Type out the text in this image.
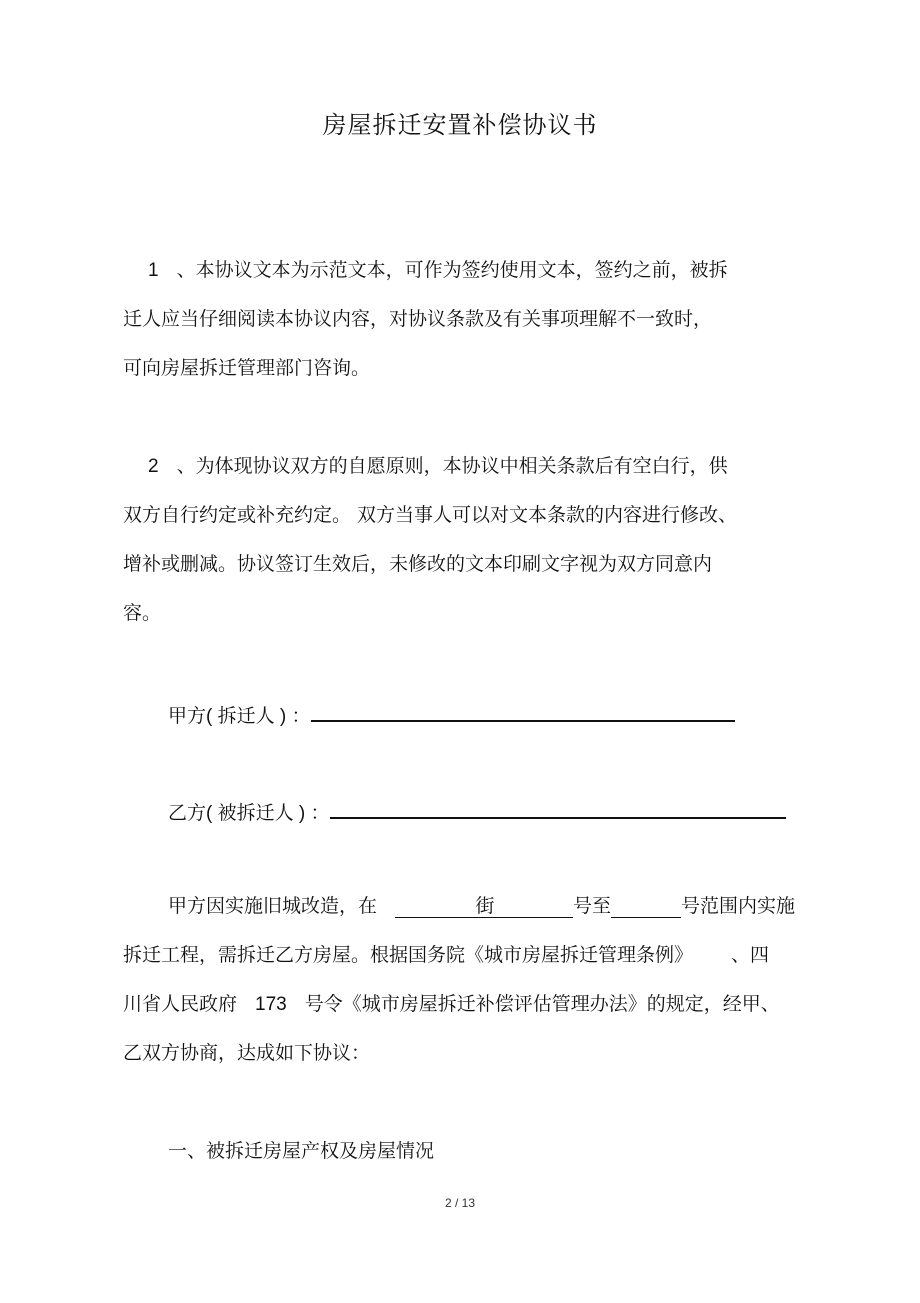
房屋拆迁安置补偿协议书
1 、本协议文本为示范文本，可作为签约使用文本，签约之前，被拆
迁人应当仔细阅读本协议内容，对协议条款及有关事项理解不一致时，
可向房屋拆迁管理部门咨询。
2 、为体现协议双方的自愿原则，本协议中相关条款后有空白行，供
双方自行约定或补充约定。 双方当事人可以对文本条款的内容进行修改、
增补或删减。协议签订生效后，未修改的文本印刷文字视为双方同意内
容。
甲方( 拆迁人 ) ：
乙方( 被拆迁人 ) ：
甲方因实施旧城改造，在	街	号至	号范围内实施
拆迁工程，需拆迁乙方房屋。根据国务院《城市房屋拆迁管理条例》 、四
川省人民政府 173 号令《城市房屋拆迁补偿评估管理办法》的规定，经甲、
乙双方协商，达成如下协议：
一、被拆迁房屋产权及房屋情况
2 / 13
